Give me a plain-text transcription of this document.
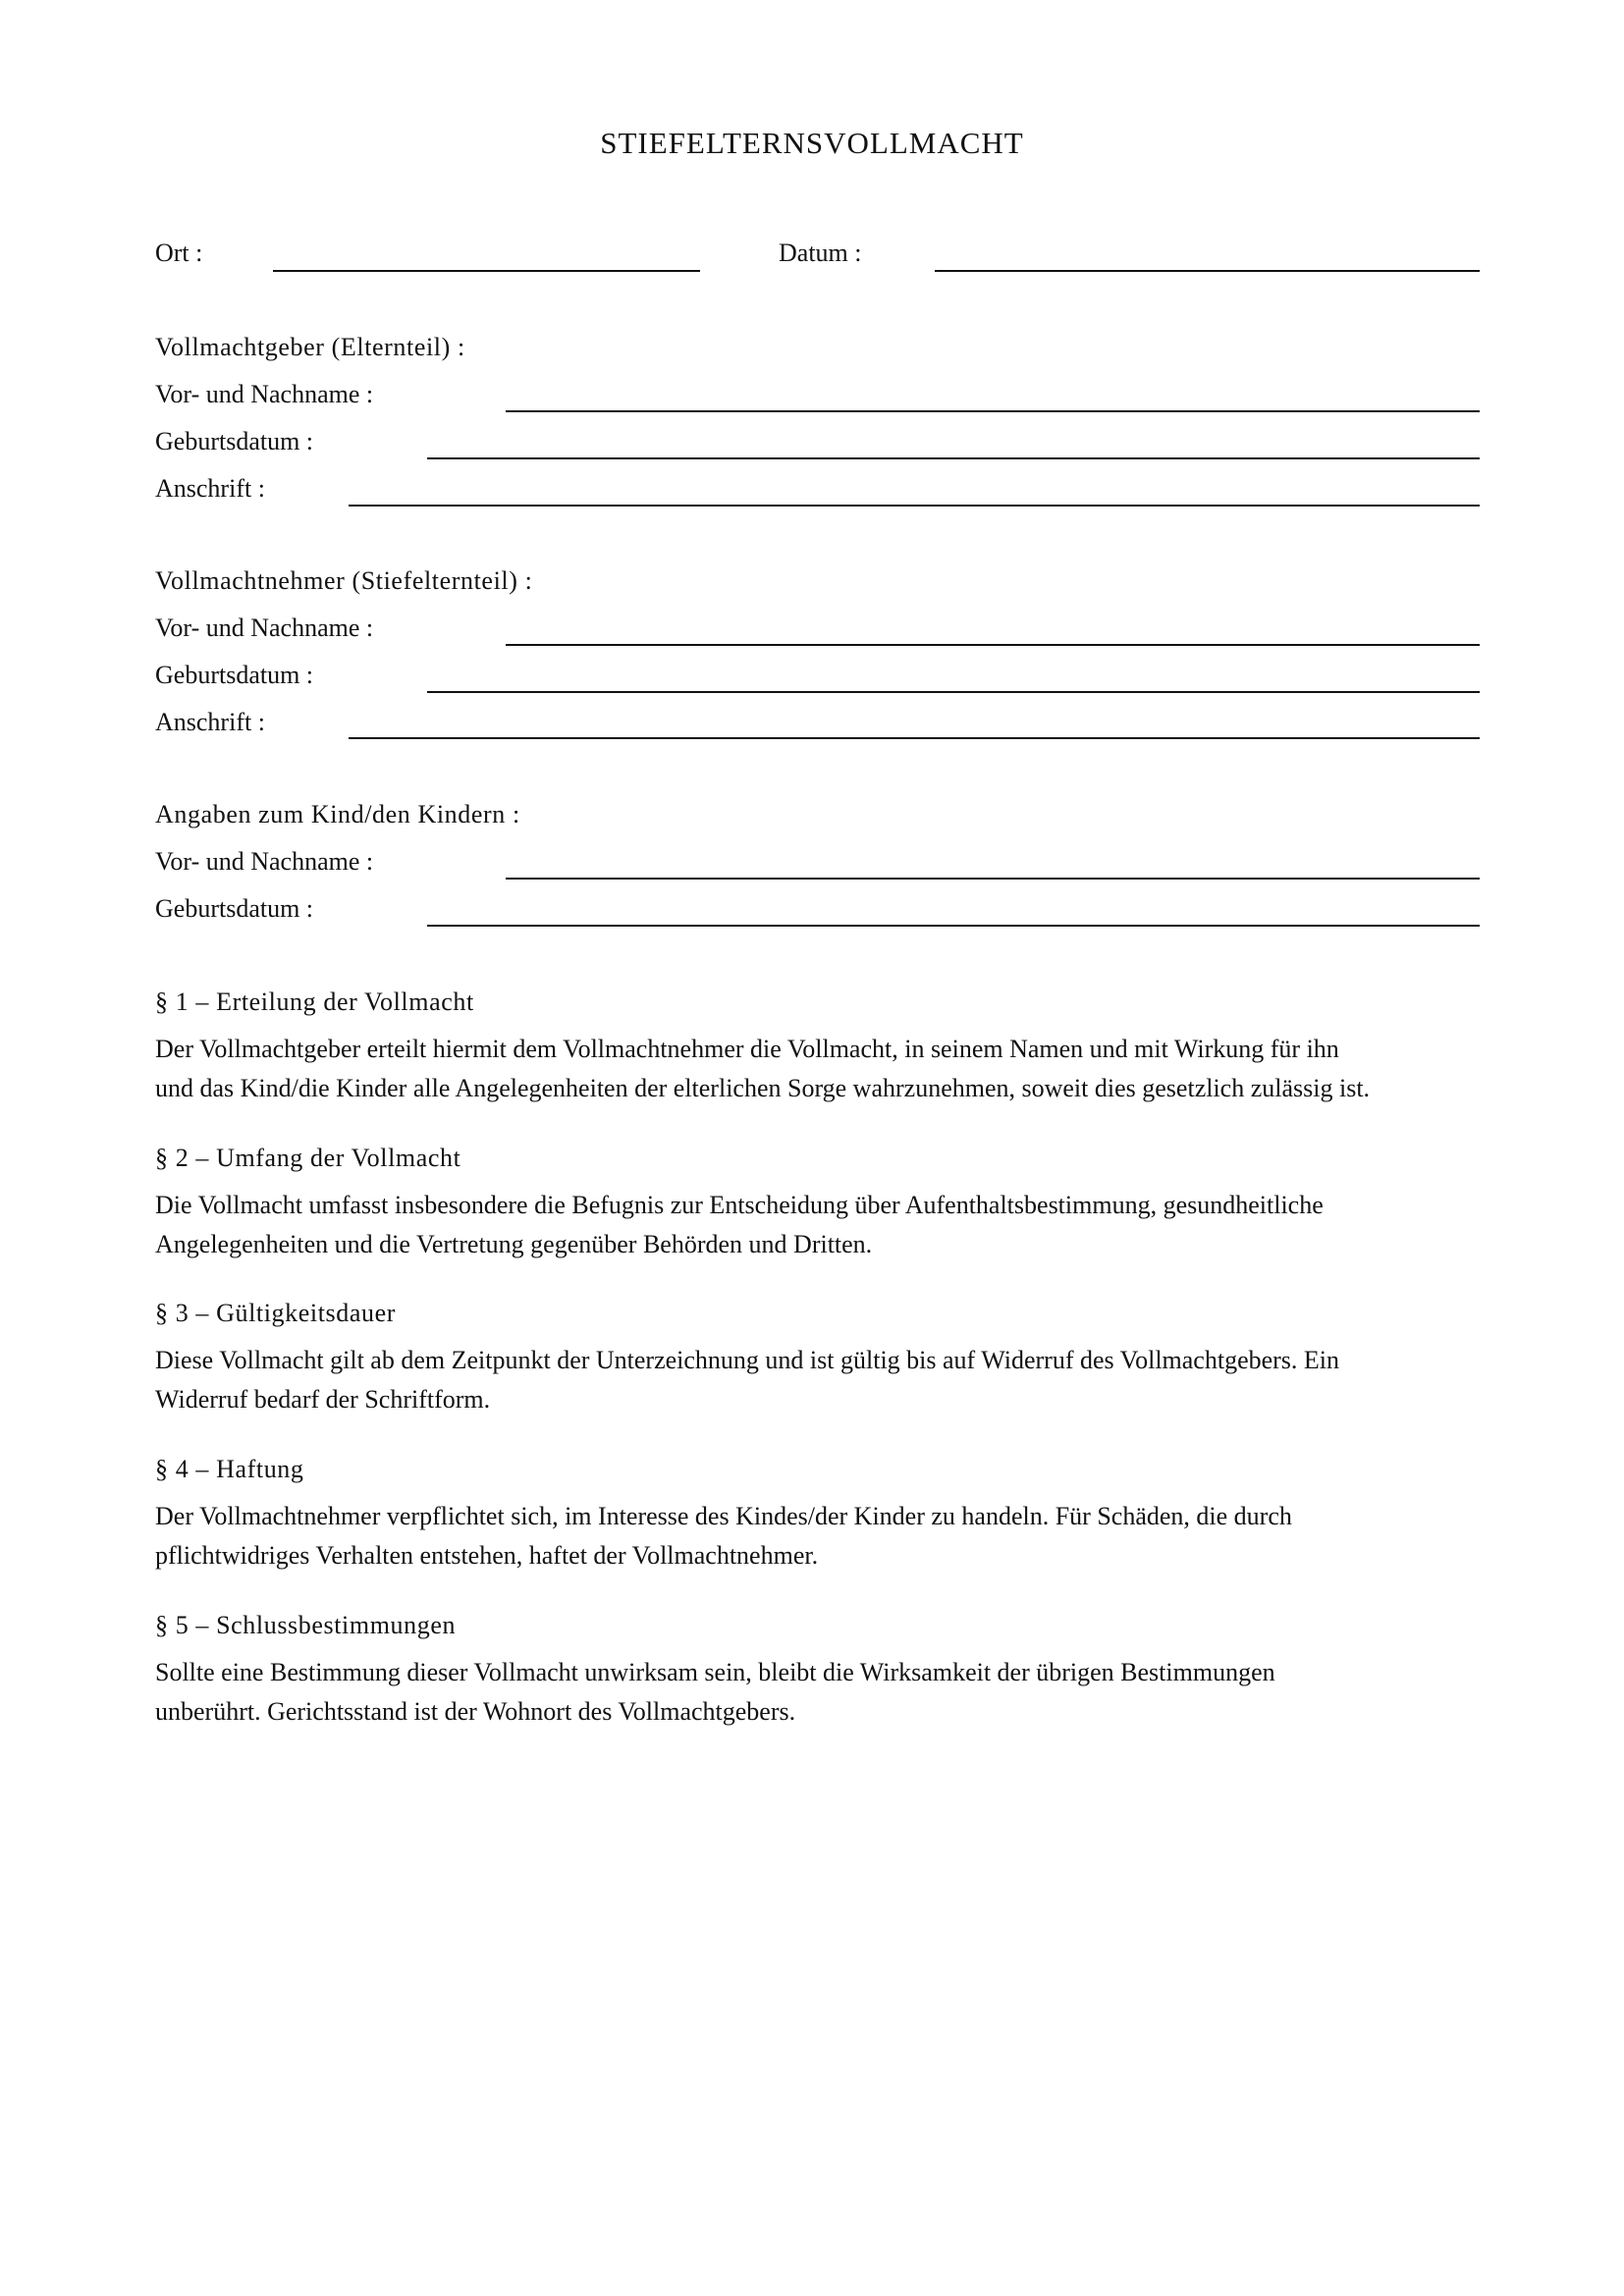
STIEFELTERNSVOLLMACHT
Ort :	Datum :
Vollmachtgeber (Elternteil) :
Vor- und Nachname :
Geburtsdatum :
Anschrift :
Vollmachtnehmer (Stiefelternteil) :
Vor- und Nachname :
Geburtsdatum :
Anschrift :
Angaben zum Kind/den Kindern :
Vor- und Nachname :
Geburtsdatum :
§ 1 – Erteilung der Vollmacht
Der Vollmachtgeber erteilt hiermit dem Vollmachtnehmer die Vollmacht, in seinem Namen und mit Wirkung für ihn
und das Kind/die Kinder alle Angelegenheiten der elterlichen Sorge wahrzunehmen, soweit dies gesetzlich zulässig ist.
§ 2 – Umfang der Vollmacht
Die Vollmacht umfasst insbesondere die Befugnis zur Entscheidung über Aufenthaltsbestimmung, gesundheitliche
Angelegenheiten und die Vertretung gegenüber Behörden und Dritten.
§ 3 – Gültigkeitsdauer
Diese Vollmacht gilt ab dem Zeitpunkt der Unterzeichnung und ist gültig bis auf Widerruf des Vollmachtgebers. Ein
Widerruf bedarf der Schriftform.
§ 4 – Haftung
Der Vollmachtnehmer verpflichtet sich, im Interesse des Kindes/der Kinder zu handeln. Für Schäden, die durch
pflichtwidriges Verhalten entstehen, haftet der Vollmachtnehmer.
§ 5 – Schlussbestimmungen
Sollte eine Bestimmung dieser Vollmacht unwirksam sein, bleibt die Wirksamkeit der übrigen Bestimmungen
unberührt. Gerichtsstand ist der Wohnort des Vollmachtgebers.
